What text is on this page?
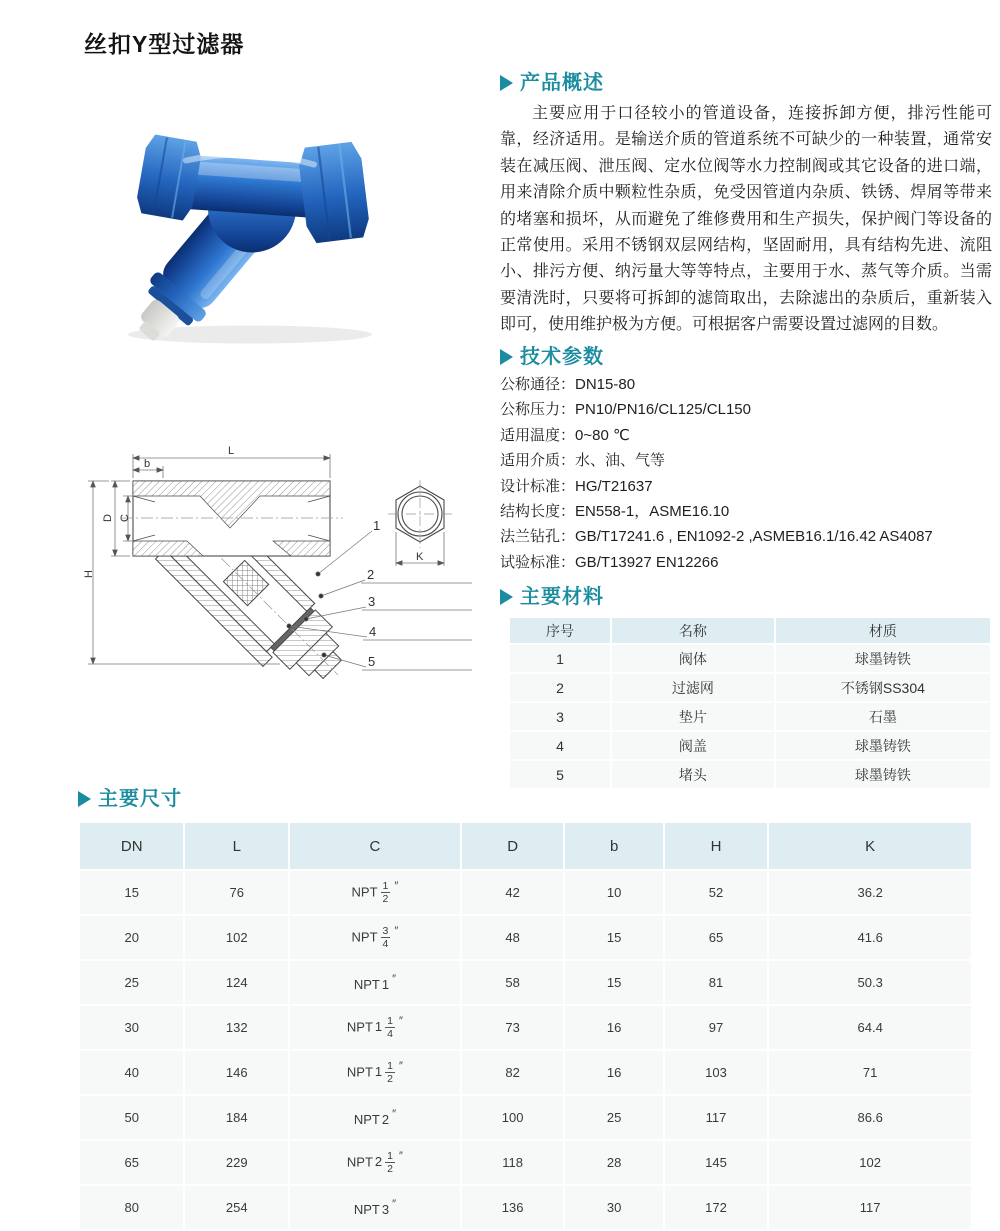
丝扣Y型过滤器
L
b
D C
H
K
1
2
3
4
5
产品概述

主要应用于口径较小的管道设备，连接拆卸方便，排污性能可靠，经济适用。是输送介质的管道系统不可缺少的一种装置，通常安装在减压阀、泄压阀、定水位阀等水力控制阀或其它设备的进口端，用来清除介质中颗粒性杂质，免受因管道内杂质、铁锈、焊屑等带来的堵塞和损坏，从而避免了维修费用和生产损失，保护阀门等设备的正常使用。采用不锈钢双层网结构，坚固耐用，具有结构先进、流阻小、排污方便、纳污量大等等特点，主要用于水、蒸气等介质。当需要清洗时，只要将可拆卸的滤筒取出，去除滤出的杂质后，重新装入即可，使用维护极为方便。可根据客户需要设置过滤网的目数。

技术参数
公称通径：DN15-80
公称压力：PN10/PN16/CL125/CL150
适用温度：0~80 ℃
适用介质：水、油、气等
设计标准：HG/T21637
结构长度：EN558-1，ASME16.10
法兰钻孔：GB/T17241.6 , EN1092-2 ,ASMEB16.1/16.42 AS4087
试验标准：GB/T13927 EN12266
主要材料
序号	名称	材质
1	阀体	球墨铸铁
2	过滤网	不锈钢SS304
3	垫片	石墨
4	阀盖	球墨铸铁
5	堵头	球墨铸铁
主要尺寸
DN	L	C	D	b	H	K
15	76	NPT $\frac{1}{2} ''$	42	10	52	36.2
20	102	NPT $\frac{3}{4} ''$	48	15	65	41.6
25	124	NPT 1 ″	58	15	81	50.3
30	132	NPT $1 \frac{1}{4} ''$	73	16	97	64.4
40	146	NPT $1 \frac{1}{2} ''$	82	16	103	71
50	184	NPT 2 ″	100	25	117	86.6
65	229	NPT $2 \frac{1}{2} ''$	118	28	145	102
80	254	NPT 3 ″	136	30	172	117
